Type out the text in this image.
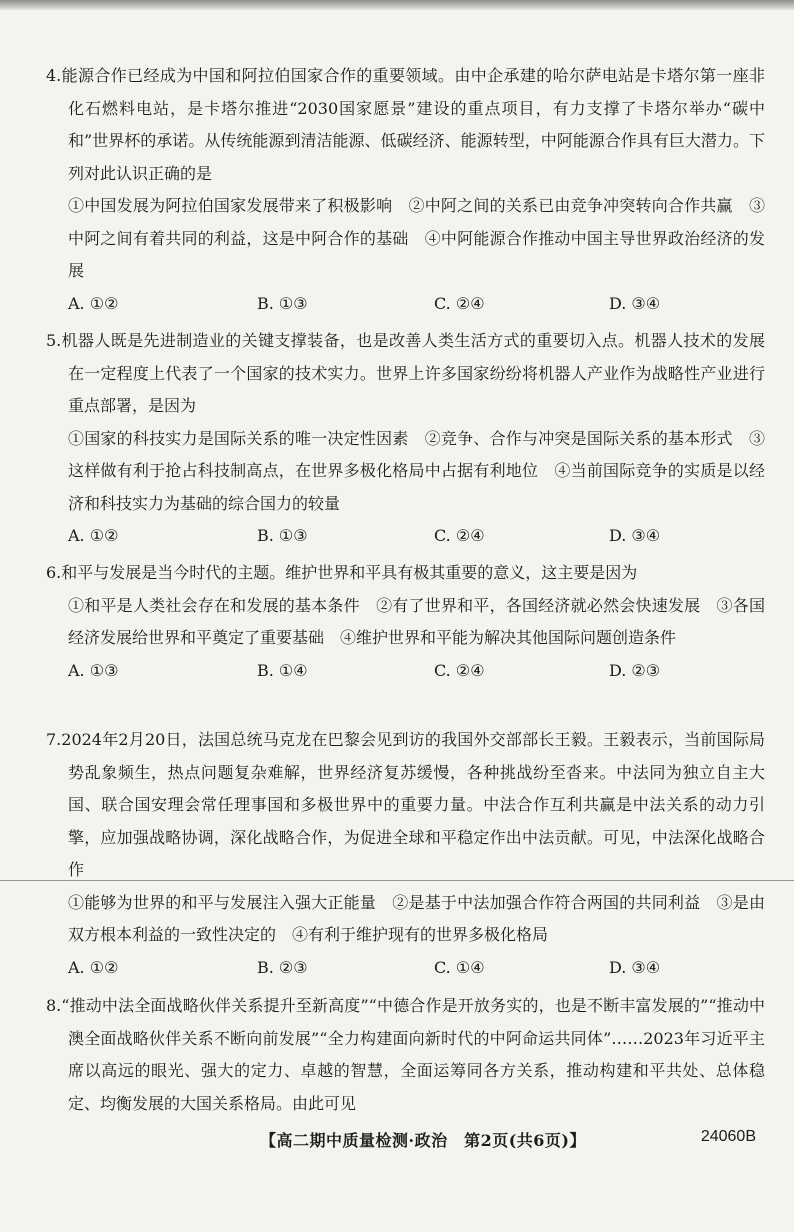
4.能源合作已经成为中国和阿拉伯国家合作的重要领域。由中企承建的哈尔萨电站是卡塔尔第一座非化石燃料电站，是卡塔尔推进“2030国家愿景”建设的重点项目，有力支撑了卡塔尔举办“碳中和”世界杯的承诺。从传统能源到清洁能源、低碳经济、能源转型，中阿能源合作具有巨大潜力。下列对此认识正确的是

①中国发展为阿拉伯国家发展带来了积极影响　②中阿之间的关系已由竞争冲突转向合作共赢　③中阿之间有着共同的利益，这是中阿合作的基础　④中阿能源合作推动中国主导世界政治经济的发展

A. ①②	B. ①③	C. ②④	D. ③④

5.机器人既是先进制造业的关键支撑装备，也是改善人类生活方式的重要切入点。机器人技术的发展在一定程度上代表了一个国家的技术实力。世界上许多国家纷纷将机器人产业作为战略性产业进行重点部署，是因为

①国家的科技实力是国际关系的唯一决定性因素　②竞争、合作与冲突是国际关系的基本形式　③这样做有利于抢占科技制高点，在世界多极化格局中占据有利地位　④当前国际竞争的实质是以经济和科技实力为基础的综合国力的较量

A. ①②	B. ①③	C. ②④	D. ③④

6.和平与发展是当今时代的主题。维护世界和平具有极其重要的意义，这主要是因为

①和平是人类社会存在和发展的基本条件　②有了世界和平，各国经济就必然会快速发展　③各国经济发展给世界和平奠定了重要基础　④维护世界和平能为解决其他国际问题创造条件

A. ①③	B. ①④	C. ②④	D. ②③

7.2024年2月20日，法国总统马克龙在巴黎会见到访的我国外交部部长王毅。王毅表示，当前国际局势乱象频生，热点问题复杂难解，世界经济复苏缓慢，各种挑战纷至沓来。中法同为独立自主大国、联合国安理会常任理事国和多极世界中的重要力量。中法合作互利共赢是中法关系的动力引擎，应加强战略协调，深化战略合作，为促进全球和平稳定作出中法贡献。可见，中法深化战略合作

①能够为世界的和平与发展注入强大正能量　②是基于中法加强合作符合两国的共同利益　③是由双方根本利益的一致性决定的　④有利于维护现有的世界多极化格局

A. ①②	B. ②③	C. ①④	D. ③④

8.“推动中法全面战略伙伴关系提升至新高度”“中德合作是开放务实的，也是不断丰富发展的”“推动中澳全面战略伙伴关系不断向前发展”“全力构建面向新时代的中阿命运共同体”……2023年习近平主席以高远的眼光、强大的定力、卓越的智慧，全面运筹同各方关系，推动构建和平共处、总体稳定、均衡发展的大国关系格局。由此可见

【高二期中质量检测·政治　第2页(共6页)】	24060B
